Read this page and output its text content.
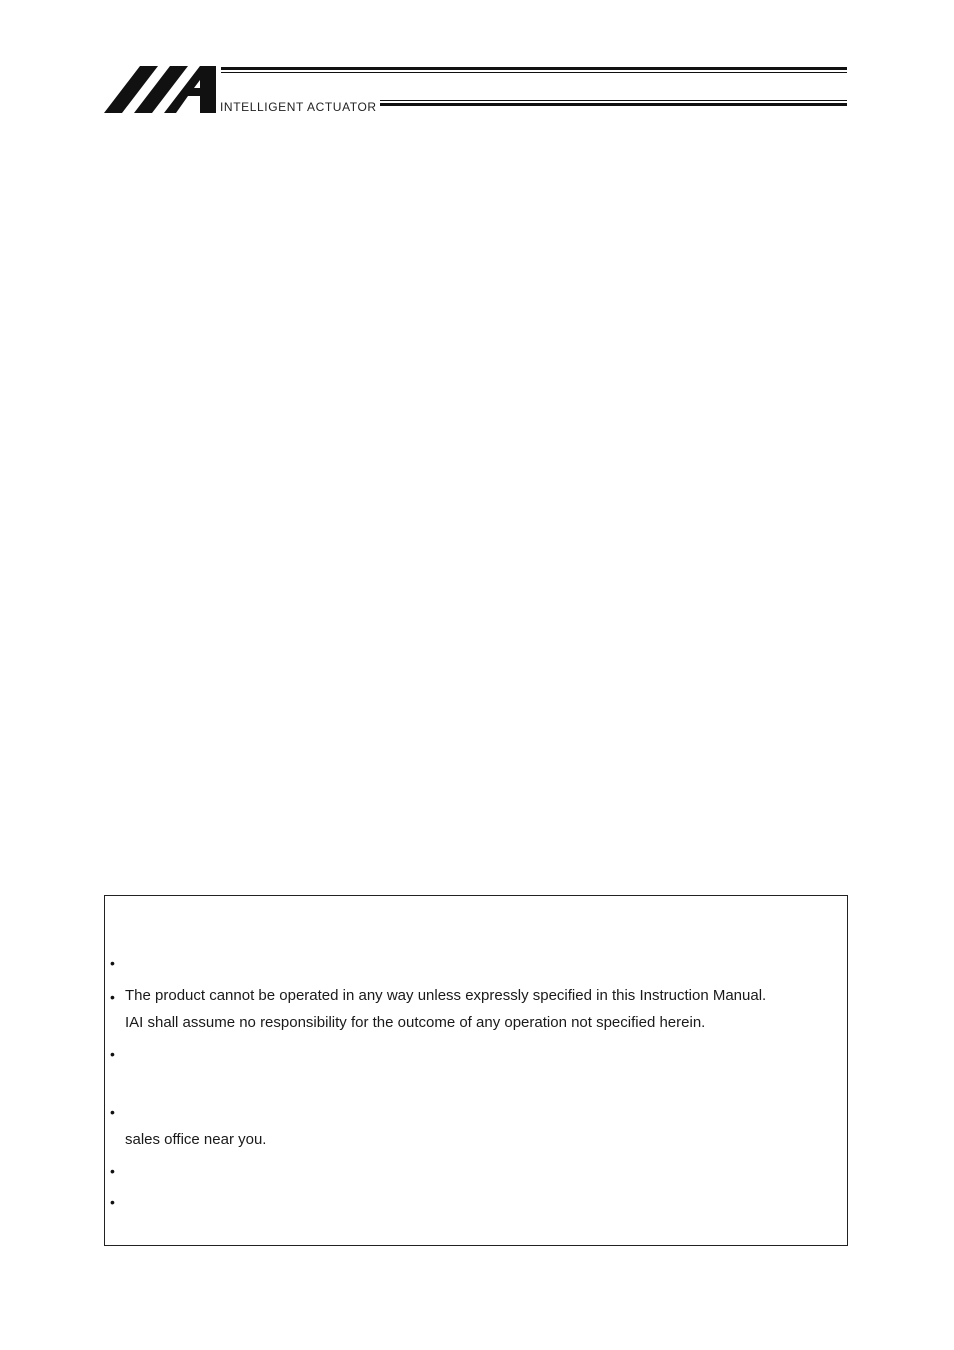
INTELLIGENT ACTUATOR
•
• The product cannot be operated in any way unless expressly specified in this Instruction Manual.
IAI shall assume no responsibility for the outcome of any operation not specified herein.
•
•
sales office near you.
•
•
